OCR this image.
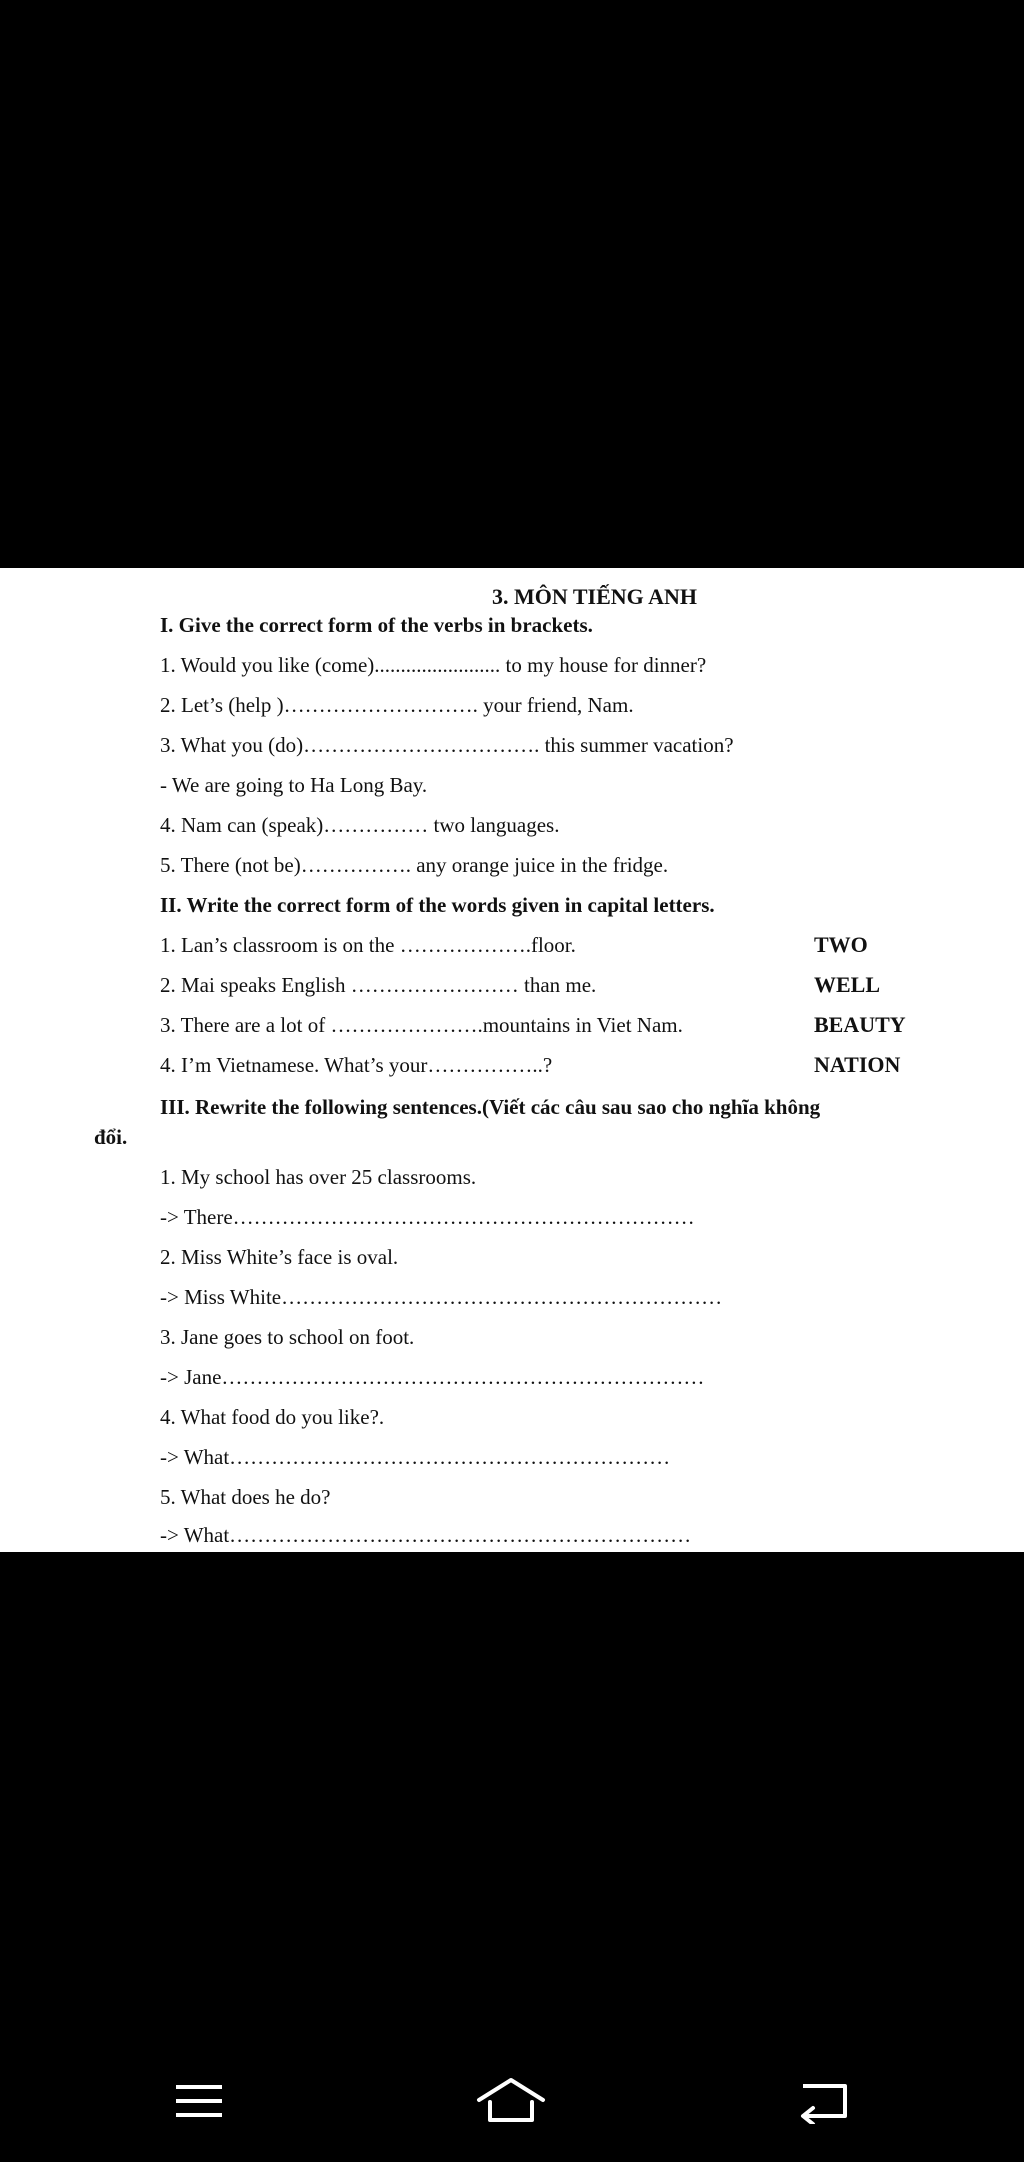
3. MÔN TIẾNG ANH
I. Give the correct form of the verbs in brackets.
1. Would you like (come)........................ to my house for dinner?
2. Let’s (help )………………………. your friend, Nam.
3. What you (do)……………………………. this summer vacation?
- We are going to Ha Long Bay.
4. Nam can (speak)…………… two languages.
5. There (not be)……………. any orange juice in the fridge.
II. Write the correct form of the words given in capital letters.
1. Lan’s classroom is on the ……………….floor.	TWO
2. Mai speaks English …………………… than me.	WELL
3. There are a lot of ………………….mountains in Viet Nam.	BEAUTY
4. I’m Vietnamese. What’s your……………..?	NATION
III. Rewrite the following sentences.(Viết các câu sau sao cho nghĩa không
đổi.
1. My school has over 25 classrooms.
-> There…………………………………………………………
2. Miss White’s face is oval.
-> Miss White………………………………………………………
3. Jane goes to school on foot.
-> Jane……………………………………………………………
4. What food do you like?.
-> What………………………………………………………
5. What does he do?
-> What…………………………………………………………
